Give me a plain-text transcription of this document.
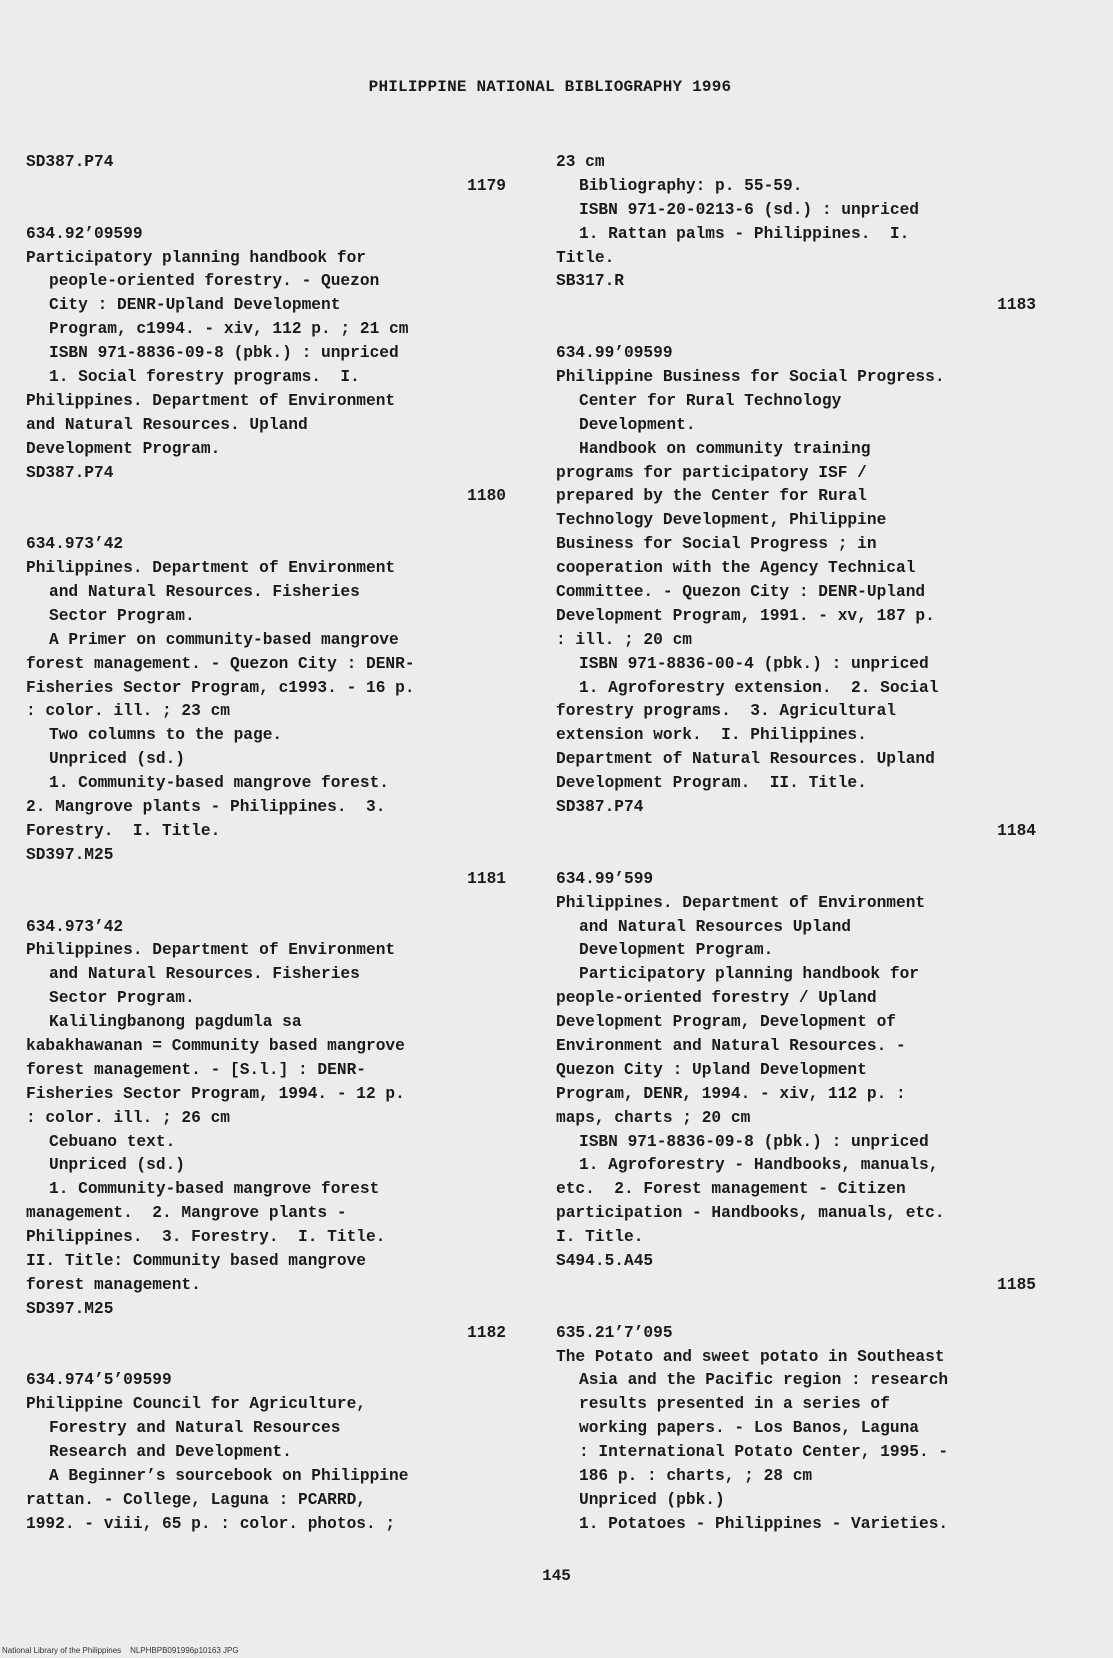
PHILIPPINE NATIONAL BIBLIOGRAPHY 1996
SD387.P74
1179
634.92’09599
Participatory planning handbook for
people-oriented forestry. - Quezon
City : DENR-Upland Development
Program, c1994. - xiv, 112 p. ; 21 cm
ISBN 971-8836-09-8 (pbk.) : unpriced
1. Social forestry programs.  I.
Philippines. Department of Environment
and Natural Resources. Upland
Development Program.
SD387.P74
1180
634.973’42
Philippines. Department of Environment
and Natural Resources. Fisheries
Sector Program.
A Primer on community-based mangrove
forest management. - Quezon City : DENR-
Fisheries Sector Program, c1993. - 16 p.
: color. ill. ; 23 cm
Two columns to the page.
Unpriced (sd.)
1. Community-based mangrove forest.
2. Mangrove plants - Philippines.  3.
Forestry.  I. Title.
SD397.M25
1181
634.973’42
Philippines. Department of Environment
and Natural Resources. Fisheries
Sector Program.
Kalilingbanong pagdumla sa
kabakhawanan = Community based mangrove
forest management. - [S.l.] : DENR-
Fisheries Sector Program, 1994. - 12 p.
: color. ill. ; 26 cm
Cebuano text.
Unpriced (sd.)
1. Community-based mangrove forest
management.  2. Mangrove plants -
Philippines.  3. Forestry.  I. Title.
II. Title: Community based mangrove
forest management.
SD397.M25
1182
634.974’5’09599
Philippine Council for Agriculture,
Forestry and Natural Resources
Research and Development.
A Beginner’s sourcebook on Philippine
rattan. - College, Laguna : PCARRD,
1992. - viii, 65 p. : color. photos. ;
23 cm
Bibliography: p. 55-59.
ISBN 971-20-0213-6 (sd.) : unpriced
1. Rattan palms - Philippines.  I.
Title.
SB317.R
1183
634.99’09599
Philippine Business for Social Progress.
Center for Rural Technology
Development.
Handbook on community training
programs for participatory ISF /
prepared by the Center for Rural
Technology Development, Philippine
Business for Social Progress ; in
cooperation with the Agency Technical
Committee. - Quezon City : DENR-Upland
Development Program, 1991. - xv, 187 p.
: ill. ; 20 cm
ISBN 971-8836-00-4 (pbk.) : unpriced
1. Agroforestry extension.  2. Social
forestry programs.  3. Agricultural
extension work.  I. Philippines.
Department of Natural Resources. Upland
Development Program.  II. Title.
SD387.P74
1184
634.99’599
Philippines. Department of Environment
and Natural Resources Upland
Development Program.
Participatory planning handbook for
people-oriented forestry / Upland
Development Program, Development of
Environment and Natural Resources. -
Quezon City : Upland Development
Program, DENR, 1994. - xiv, 112 p. :
maps, charts ; 20 cm
ISBN 971-8836-09-8 (pbk.) : unpriced
1. Agroforestry - Handbooks, manuals,
etc.  2. Forest management - Citizen
participation - Handbooks, manuals, etc.
I. Title.
S494.5.A45
1185
635.21’7’095
The Potato and sweet potato in Southeast
Asia and the Pacific region : research
results presented in a series of
working papers. - Los Banos, Laguna
: International Potato Center, 1995. -
186 p. : charts, ; 28 cm
Unpriced (pbk.)
1. Potatoes - Philippines - Varieties.
145
National Library of the Philippines    NLPHBPB091996p10163 JPG
